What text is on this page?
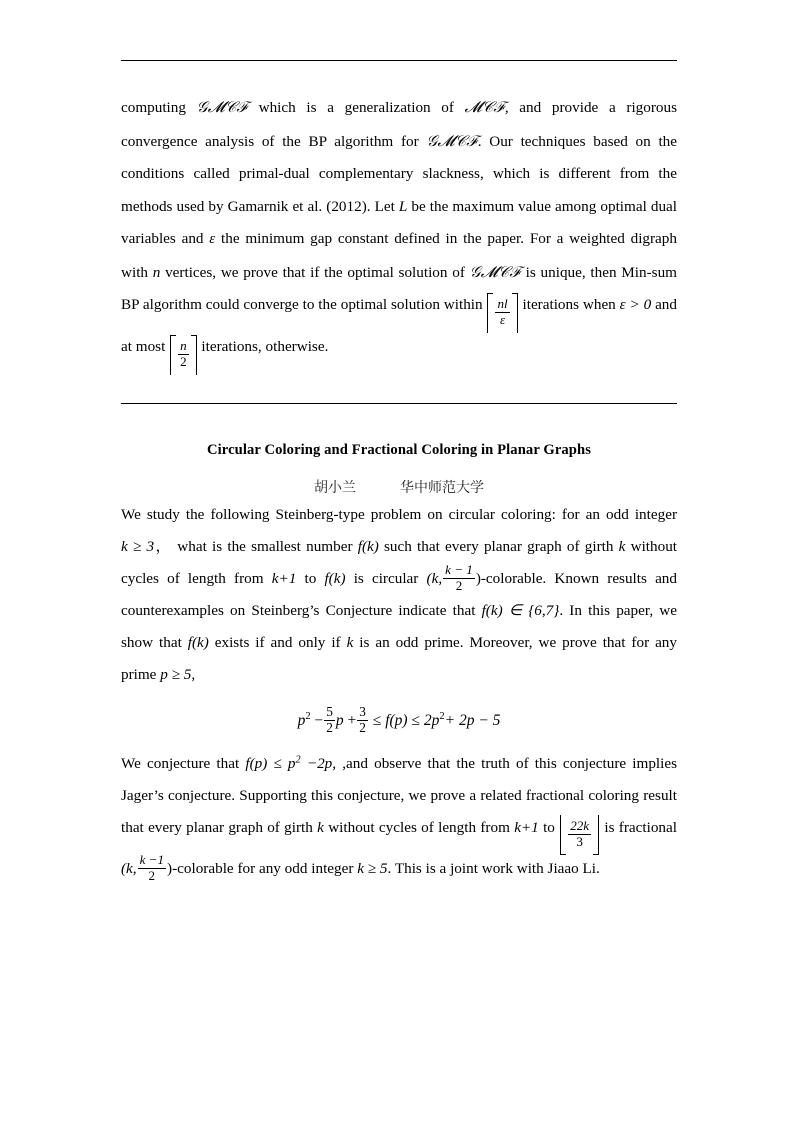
computing 𝒢𝓜𝒞ℱ which is a generalization of 𝓜𝒞ℱ, and provide a rigorous convergence analysis of the BP algorithm for 𝒢𝓜𝒞ℱ. Our techniques based on the conditions called primal-dual complementary slackness, which is different from the methods used by Gamarnik et al. (2012). Let L be the maximum value among optimal dual variables and ε the minimum gap constant defined in the paper. For a weighted digraph with n vertices, we prove that if the optimal solution of 𝒢𝓜𝒞ℱ is unique, then Min-sum BP algorithm could converge to the optimal solution within $\frac{nl}{\varepsilon}$ iterations when ε > 0 and at most $\frac{n}{2}$ iterations, otherwise.

Circular Coloring and Fractional Coloring in Planar Graphs

胡小兰	华中师范大学

We study the following Steinberg-type problem on circular coloring: for an odd integer k ≥ 3， what is the smallest number f(k) such that every planar graph of girth k without cycles of length from k+1 to f(k) is circular (k, $\frac{k - 1}{2}$ )-colorable. Known results and counterexamples on Steinberg’s Conjecture indicate that f(k) ∈ {6,7}. In this paper, we show that f(k) exists if and only if k is an odd prime. Moreover, we prove that for any prime p ≥ 5,

$p^2 - \frac{5}{2}$ $p + \frac{3}{2} \le f(p) \le 2p^2+ 2p - 5$

We conjecture that $f(p) \le p^2 -2p$, ,and observe that the truth of this conjecture implies Jager’s conjecture. Supporting this conjecture, we prove a related fractional coloring result that every planar graph of girth k without cycles of length from k+1 to $\frac{22k}{3}$ is fractional (k, $\frac{k -1}{2}$ )-colorable for any odd integer k ≥ 5. This is a joint work with Jiaao Li.
